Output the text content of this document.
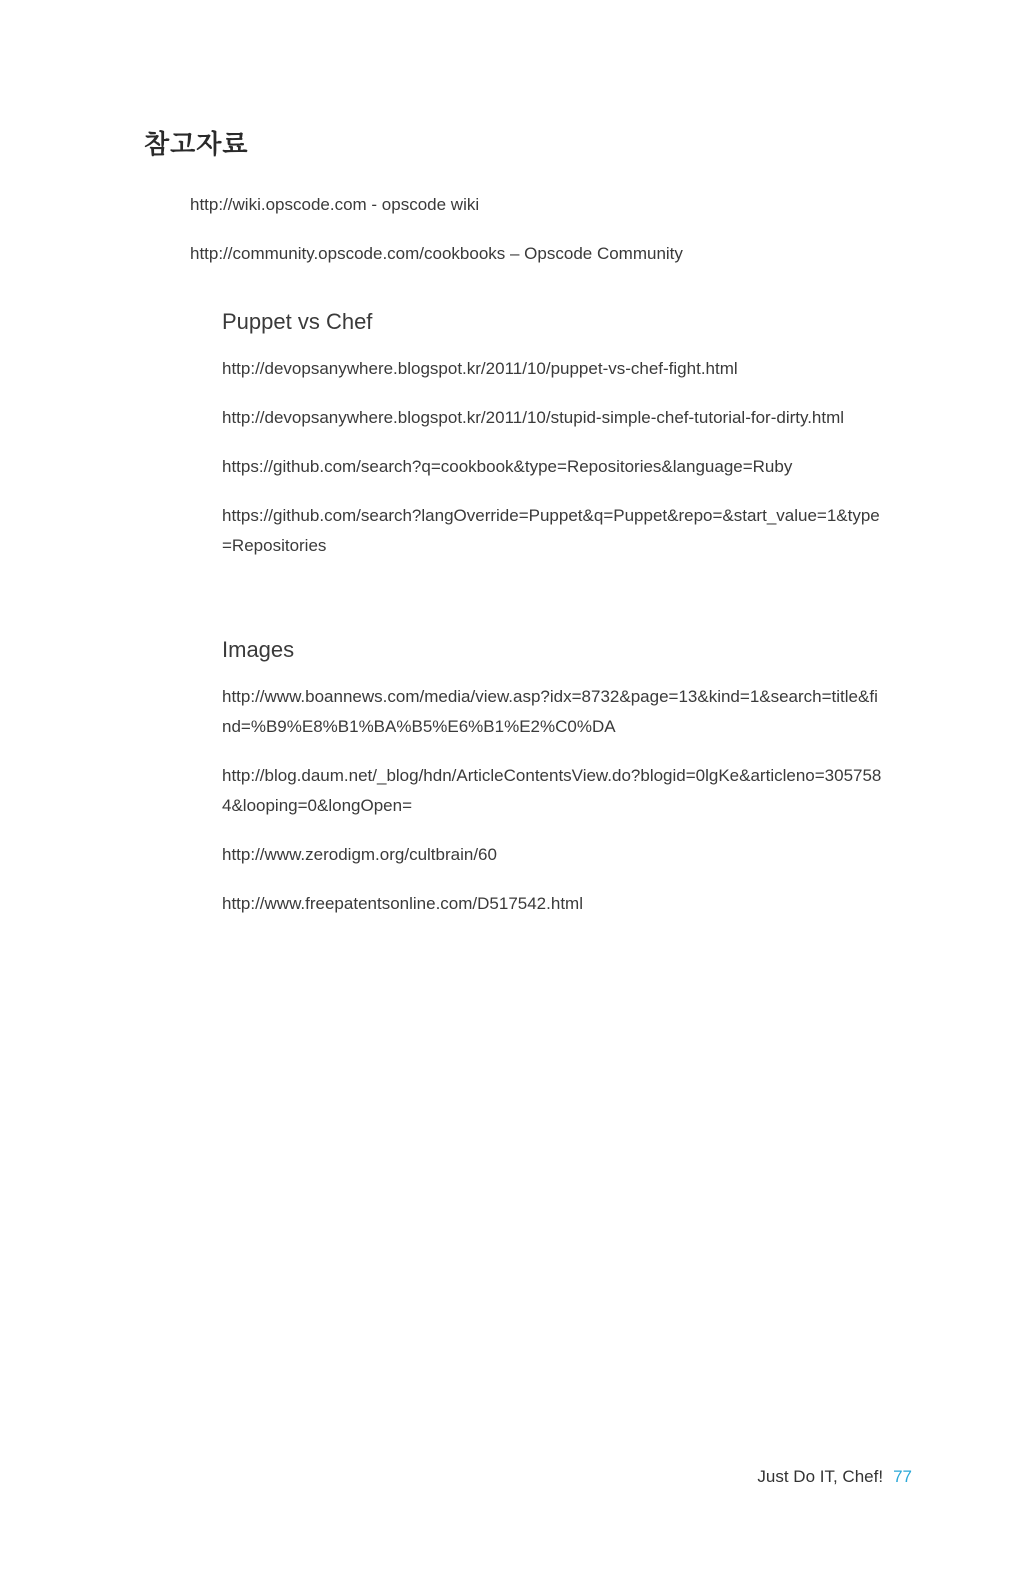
참고자료
http://wiki.opscode.com - opscode wiki
http://community.opscode.com/cookbooks – Opscode Community
Puppet vs Chef
http://devopsanywhere.blogspot.kr/2011/10/puppet-vs-chef-fight.html
http://devopsanywhere.blogspot.kr/2011/10/stupid-simple-chef-tutorial-for-dirty.html
https://github.com/search?q=cookbook&type=Repositories&language=Ruby
https://github.com/search?langOverride=Puppet&q=Puppet&repo=&start_value=1&type=Repositories
Images
http://www.boannews.com/media/view.asp?idx=8732&page=13&kind=1&search=title&find=%B9%E8%B1%BA%B5%E6%B1%E2%C0%DA
http://blog.daum.net/_blog/hdn/ArticleContentsView.do?blogid=0lgKe&articleno=3057584&looping=0&longOpen=
http://www.zerodigm.org/cultbrain/60
http://www.freepatentsonline.com/D517542.html
Just Do IT, Chef! 77
